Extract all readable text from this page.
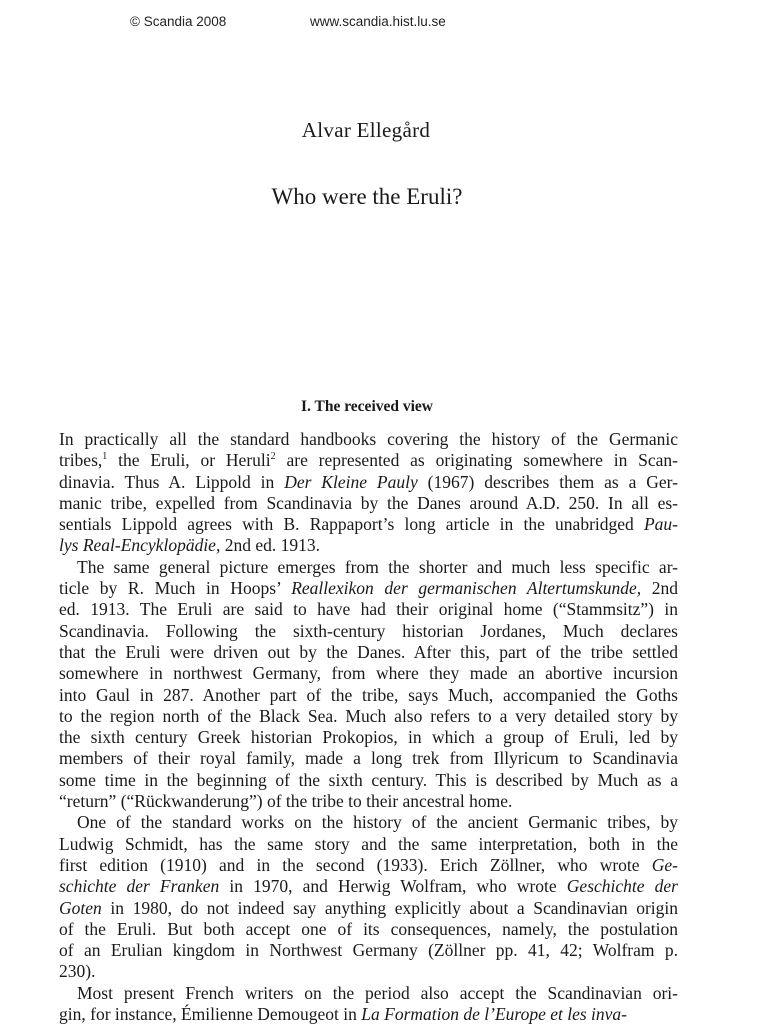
© Scandia 2008	www.scandia.hist.lu.se
Alvar Ellegård
Who were the Eruli?
I. The received view
In practically all the standard handbooks covering the history of the Germanic
tribes,$^1$ the Eruli, or Heruli$^2$ are represented as originating somewhere in Scan-
dinavia. Thus A. Lippold in Der Kleine Pauly (1967) describes them as a Ger-
manic tribe, expelled from Scandinavia by the Danes around A.D. 250. In all es-
sentials Lippold agrees with B. Rappaport’s long article in the unabridged Pau-
lys Real-Encyklopädie, 2nd ed. 1913.
The same general picture emerges from the shorter and much less specific ar-
ticle by R. Much in Hoops’ Reallexikon der germanischen Altertumskunde, 2nd
ed. 1913. The Eruli are said to have had their original home (“Stammsitz”) in
Scandinavia. Following the sixth-century historian Jordanes, Much declares
that the Eruli were driven out by the Danes. After this, part of the tribe settled
somewhere in northwest Germany, from where they made an abortive incursion
into Gaul in 287. Another part of the tribe, says Much, accompanied the Goths
to the region north of the Black Sea. Much also refers to a very detailed story by
the sixth century Greek historian Prokopios, in which a group of Eruli, led by
members of their royal family, made a long trek from Illyricum to Scandinavia
some time in the beginning of the sixth century. This is described by Much as a
“return” (“Rückwanderung”) of the tribe to their ancestral home.
One of the standard works on the history of the ancient Germanic tribes, by
Ludwig Schmidt, has the same story and the same interpretation, both in the
first edition (1910) and in the second (1933). Erich Zöllner, who wrote Ge-
schichte der Franken in 1970, and Herwig Wolfram, who wrote Geschichte der
Goten in 1980, do not indeed say anything explicitly about a Scandinavian origin
of the Eruli. But both accept one of its consequences, namely, the postulation
of an Erulian kingdom in Northwest Germany (Zöllner pp. 41, 42; Wolfram p.
230).
Most present French writers on the period also accept the Scandinavian ori-
gin, for instance, Émilienne Demougeot in La Formation de l’Europe et les inva-
